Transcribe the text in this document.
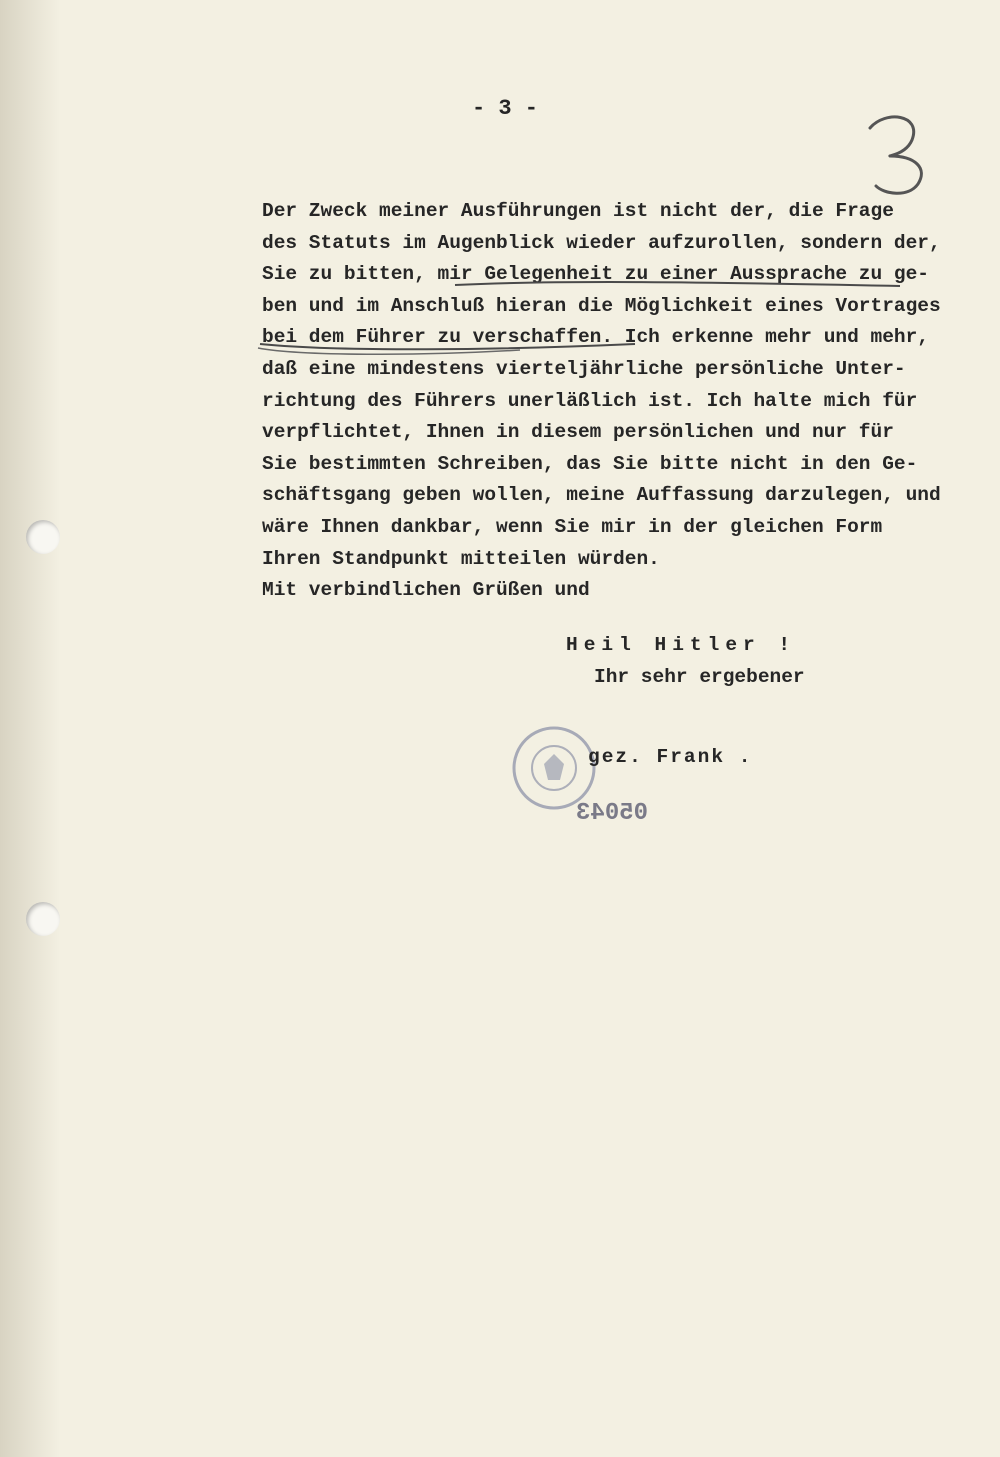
- 3 -
Der Zweck meiner Ausführungen ist nicht der, die Frage
des Statuts im Augenblick wieder aufzurollen, sondern der,
Sie zu bitten, mir Gelegenheit zu einer Aussprache zu ge-
ben und im Anschluß hieran die Möglichkeit eines Vortrages
bei dem Führer zu verschaffen. Ich erkenne mehr und mehr,
daß eine mindestens vierteljährliche persönliche Unter-
richtung des Führers unerläßlich ist. Ich halte mich für
verpflichtet, Ihnen in diesem persönlichen und nur für
Sie bestimmten Schreiben, das Sie bitte nicht in den Ge-
schäftsgang geben wollen, meine Auffassung darzulegen, und
wäre Ihnen dankbar, wenn Sie mir in der gleichen Form
Ihren Standpunkt mitteilen würden.
Mit verbindlichen Grüßen und
Heil Hitler !
Ihr sehr ergebener
gez. Frank .
05043
